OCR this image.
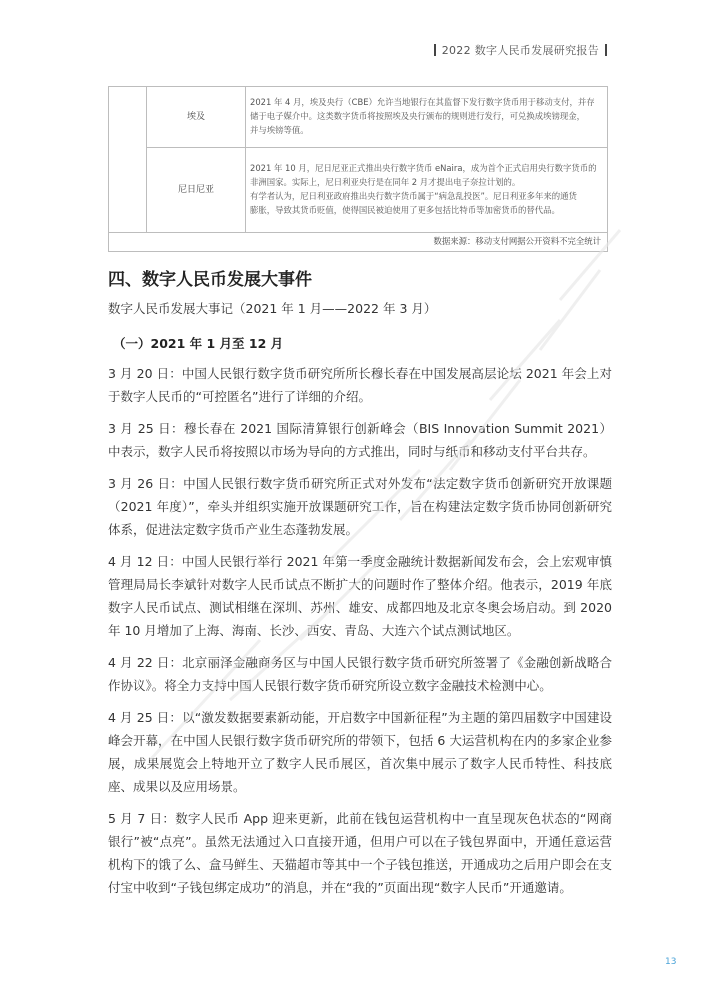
2022 数字人民币发展研究报告
	埃及	2021 年 4 月，埃及央行（CBE）允许当地银行在其监督下发行数字货币用于移动支付，并存
储于电子媒介中。这类数字货币将按照埃及央行颁布的规则进行发行，可兑换成埃镑现金，
并与埃镑等值。

	尼日尼亚	2021 年 10 月，尼日尼亚正式推出央行数字货币 eNaira，成为首个正式启用央行数字货币的
非洲国家。实际上，尼日利亚央行是在同年 2 月才提出电子奈拉计划的。
有学者认为，尼日利亚政府推出央行数字货币属于“病急乱投医”。尼日利亚多年来的通货
膨胀，导致其货币贬值，使得国民被迫使用了更多包括比特币等加密货币的替代品。

数据来源：移动支付网据公开资料不完全统计		
四、数字人民币发展大事件
数字人民币发展大事记（2021 年 1 月——2022 年 3 月）
（一）2021 年 1 月至 12 月

3 月 20 日：中国人民银行数字货币研究所所长穆长春在中国发展高层论坛 2021 年会上对于数字人民币的“可控匿名”进行了详细的介绍。

3 月 25 日：穆长春在 2021 国际清算银行创新峰会（BIS Innovation Summit 2021）中表示，数字人民币将按照以市场为导向的方式推出，同时与纸币和移动支付平台共存。

3 月 26 日：中国人民银行数字货币研究所正式对外发布“法定数字货币创新研究开放课题（2021 年度）”，牵头并组织实施开放课题研究工作，旨在构建法定数字货币协同创新研究体系，促进法定数字货币产业生态蓬勃发展。

4 月 12 日：中国人民银行举行 2021 年第一季度金融统计数据新闻发布会，会上宏观审慎管理局局长李斌针对数字人民币试点不断扩大的问题时作了整体介绍。他表示，2019 年底数字人民币试点、测试相继在深圳、苏州、雄安、成都四地及北京冬奥会场启动。到 2020 年 10 月增加了上海、海南、长沙、西安、青岛、大连六个试点测试地区。

4 月 22 日：北京丽泽金融商务区与中国人民银行数字货币研究所签署了《金融创新战略合作协议》。将全力支持中国人民银行数字货币研究所设立数字金融技术检测中心。

4 月 25 日：以“激发数据要素新动能，开启数字中国新征程”为主题的第四届数字中国建设峰会开幕，在中国人民银行数字货币研究所的带领下，包括 6 大运营机构在内的多家企业参展，成果展览会上特地开立了数字人民币展区，首次集中展示了数字人民币特性、科技底座、成果以及应用场景。

5 月 7 日：数字人民币 App 迎来更新，此前在钱包运营机构中一直呈现灰色状态的“网商银行”被“点亮”。虽然无法通过入口直接开通，但用户可以在子钱包界面中，开通任意运营机构下的饿了么、盒马鲜生、天猫超市等其中一个子钱包推送，开通成功之后用户即会在支付宝中收到“子钱包绑定成功”的消息，并在“我的”页面出现“数字人民币”开通邀请。

13
